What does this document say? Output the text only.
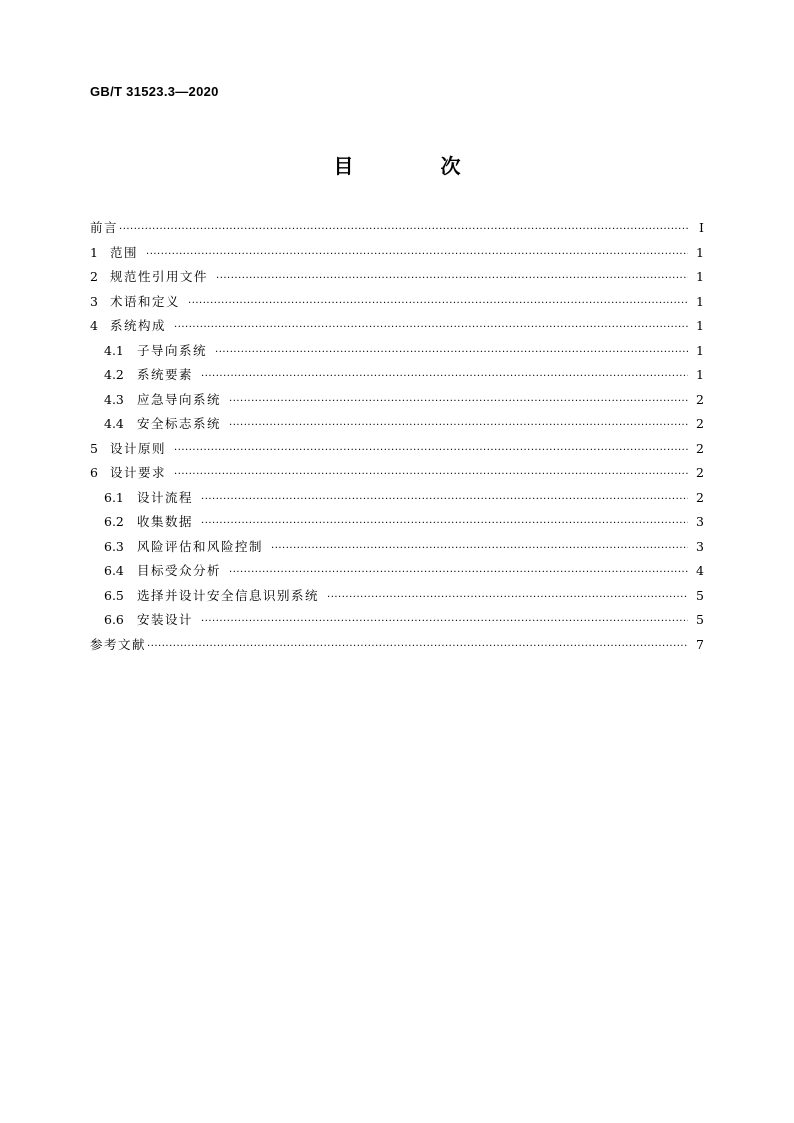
GB/T 31523.3—2020
目 次
前言 ·····	Ⅰ
1 范围 ·····	1
2 规范性引用文件 ·····	1
3 术语和定义 ·····	1
4 系统构成 ·····	1
4.1	子导向系统 ·····	1
4.2	系统要素 ·····	1
4.3	应急导向系统 ·····	2
4.4	安全标志系统 ·····	2
5 设计原则 ·····	2
6 设计要求 ·····	2
6.1	设计流程 ·····	2
6.2	收集数据 ·····	3
6.3	风险评估和风险控制 ·····	3
6.4	目标受众分析 ·····	4
6.5	选择并设计安全信息识别系统 ·····	5
6.6	安装设计 ·····	5
参考文献 ·····	7
